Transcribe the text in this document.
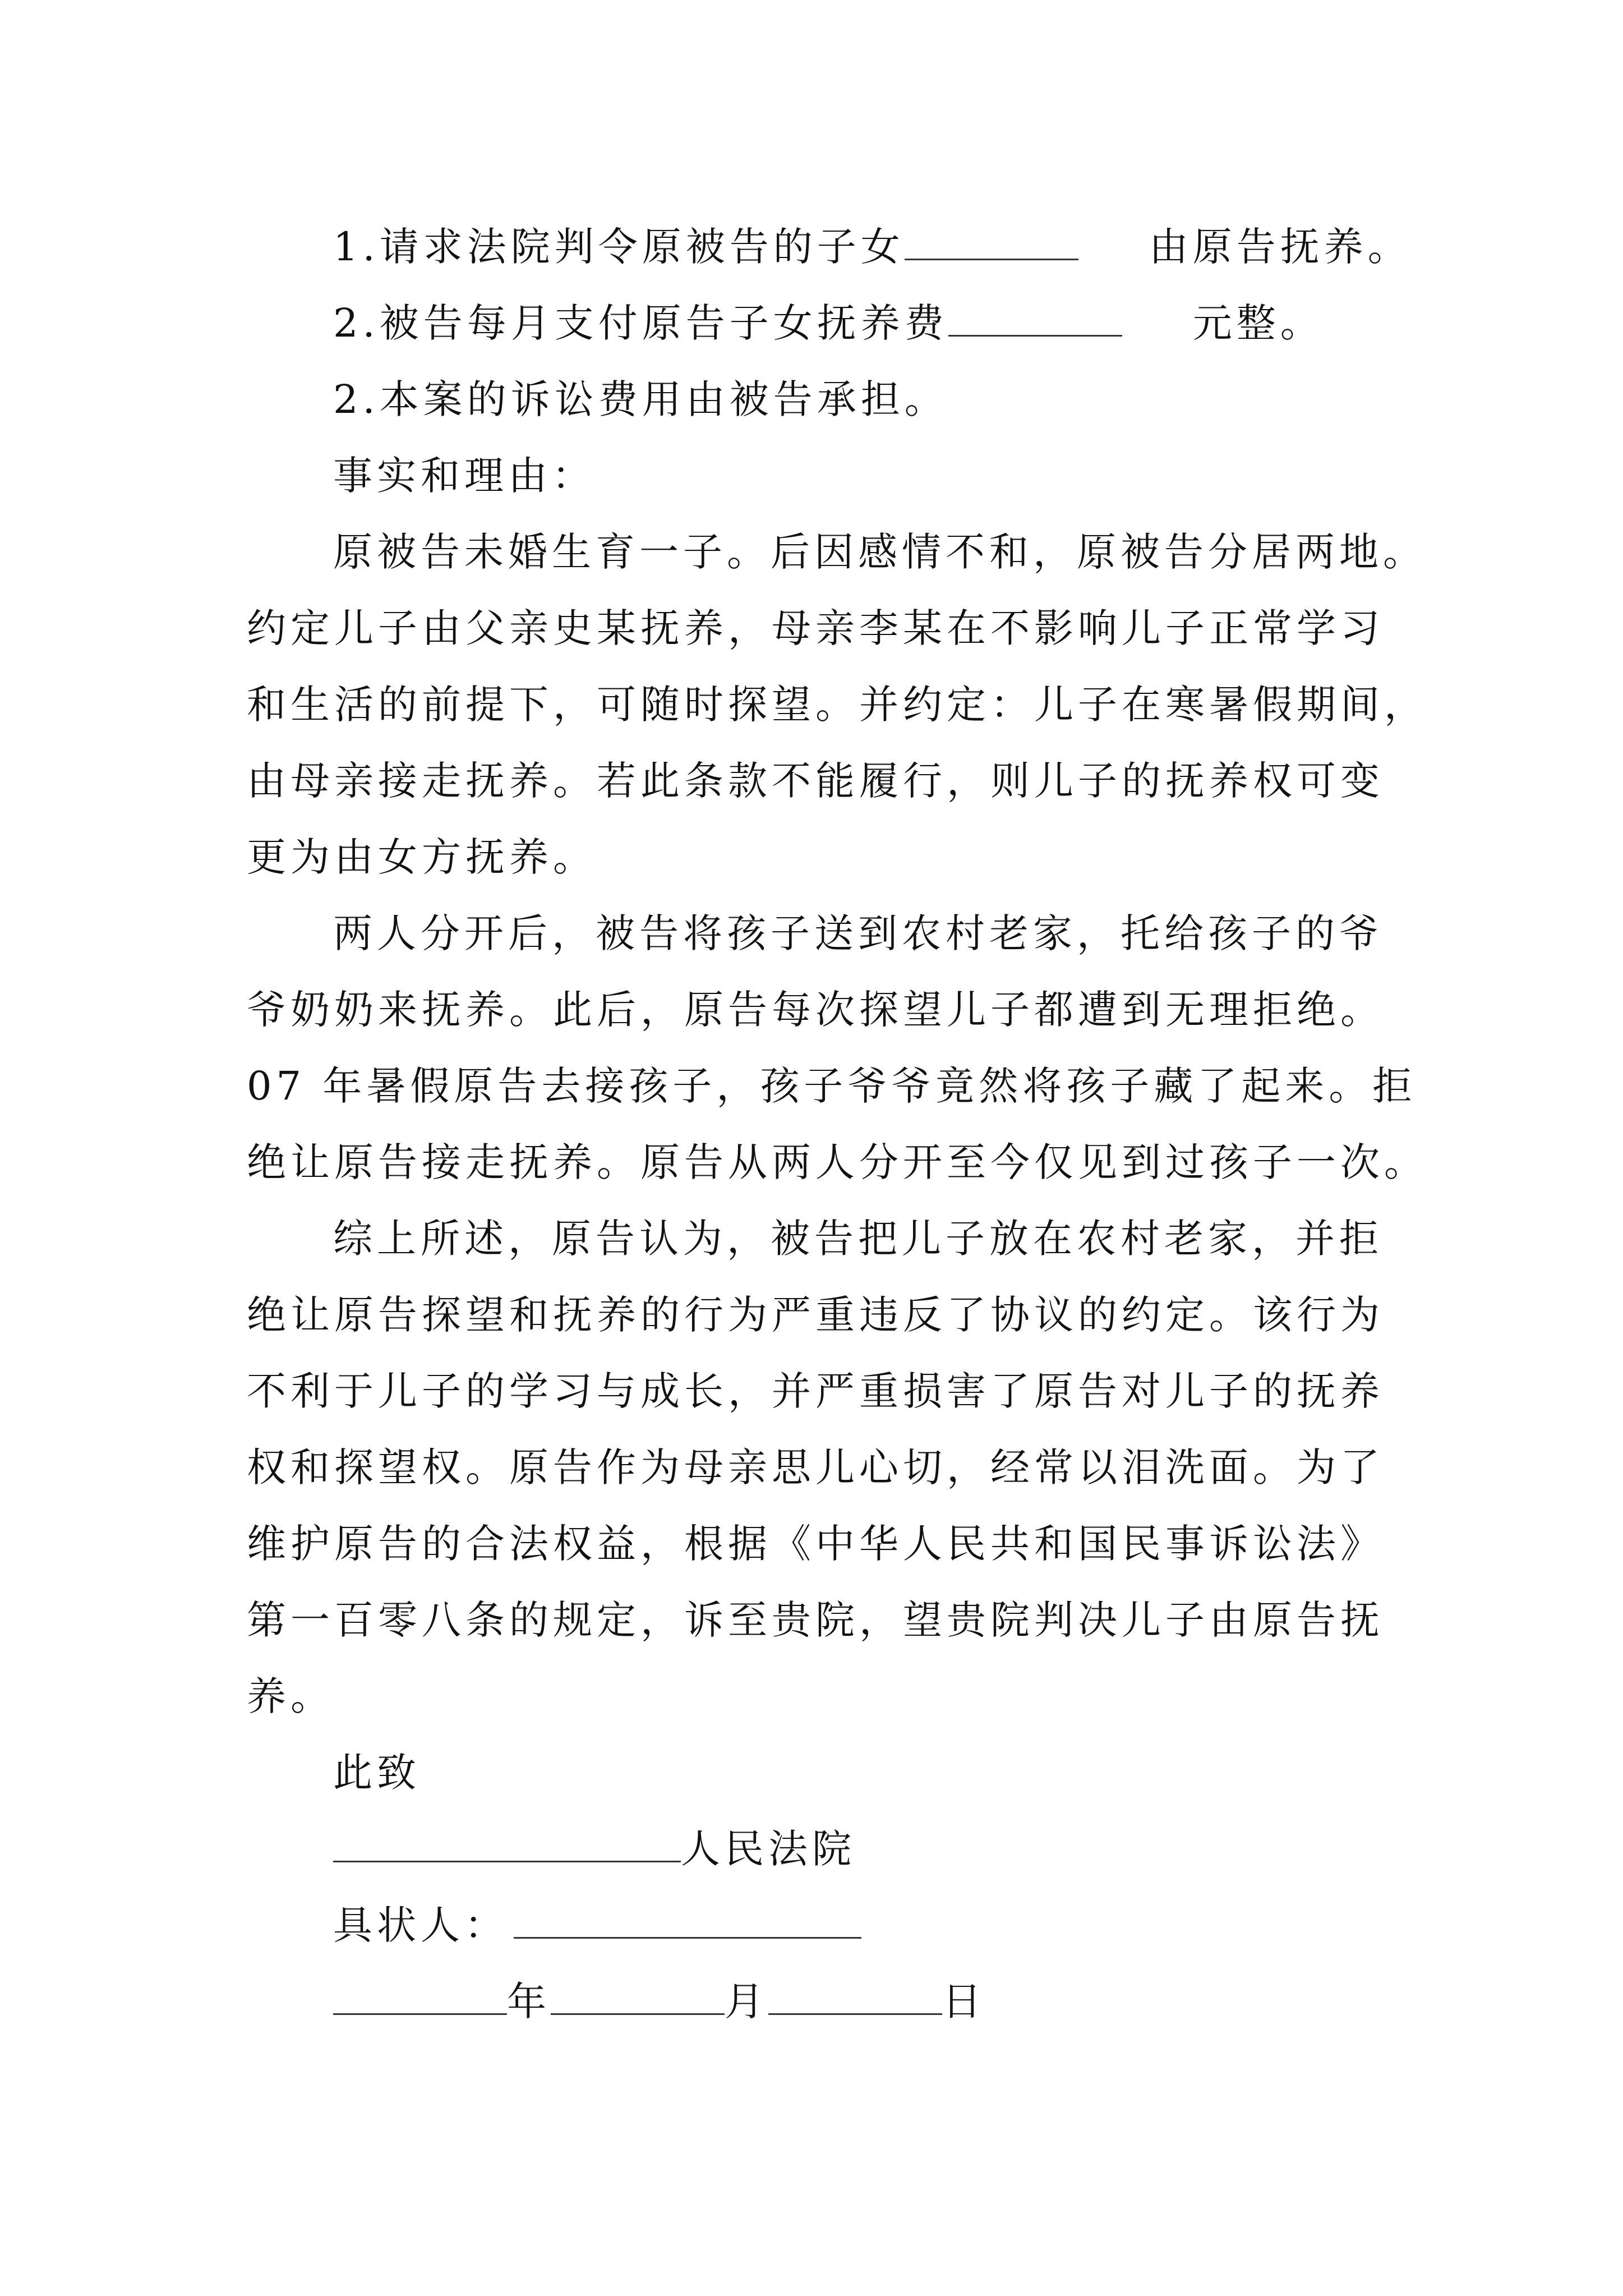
1.请求法院判令原被告的子女	由原告抚养。
2.被告每月支付原告子女抚养费	元整。
2.本案的诉讼费用由被告承担。
事实和理由：
原被告未婚生育一子。后因感情不和，原被告分居两地。
约定儿子由父亲史某抚养，母亲李某在不影响儿子正常学习
和生活的前提下，可随时探望。并约定：儿子在寒暑假期间，
由母亲接走抚养。若此条款不能履行，则儿子的抚养权可变
更为由女方抚养。
两人分开后，被告将孩子送到农村老家，托给孩子的爷
爷奶奶来抚养。此后，原告每次探望儿子都遭到无理拒绝。
07 年暑假原告去接孩子，孩子爷爷竟然将孩子藏了起来。拒
绝让原告接走抚养。原告从两人分开至今仅见到过孩子一次。
综上所述，原告认为，被告把儿子放在农村老家，并拒
绝让原告探望和抚养的行为严重违反了协议的约定。该行为
不利于儿子的学习与成长，并严重损害了原告对儿子的抚养
权和探望权。原告作为母亲思儿心切，经常以泪洗面。为了
维护原告的合法权益，根据《中华人民共和国民事诉讼法》
第一百零八条的规定，诉至贵院，望贵院判决儿子由原告抚
养。
此致
人民法院
具状人：
年	月	日
